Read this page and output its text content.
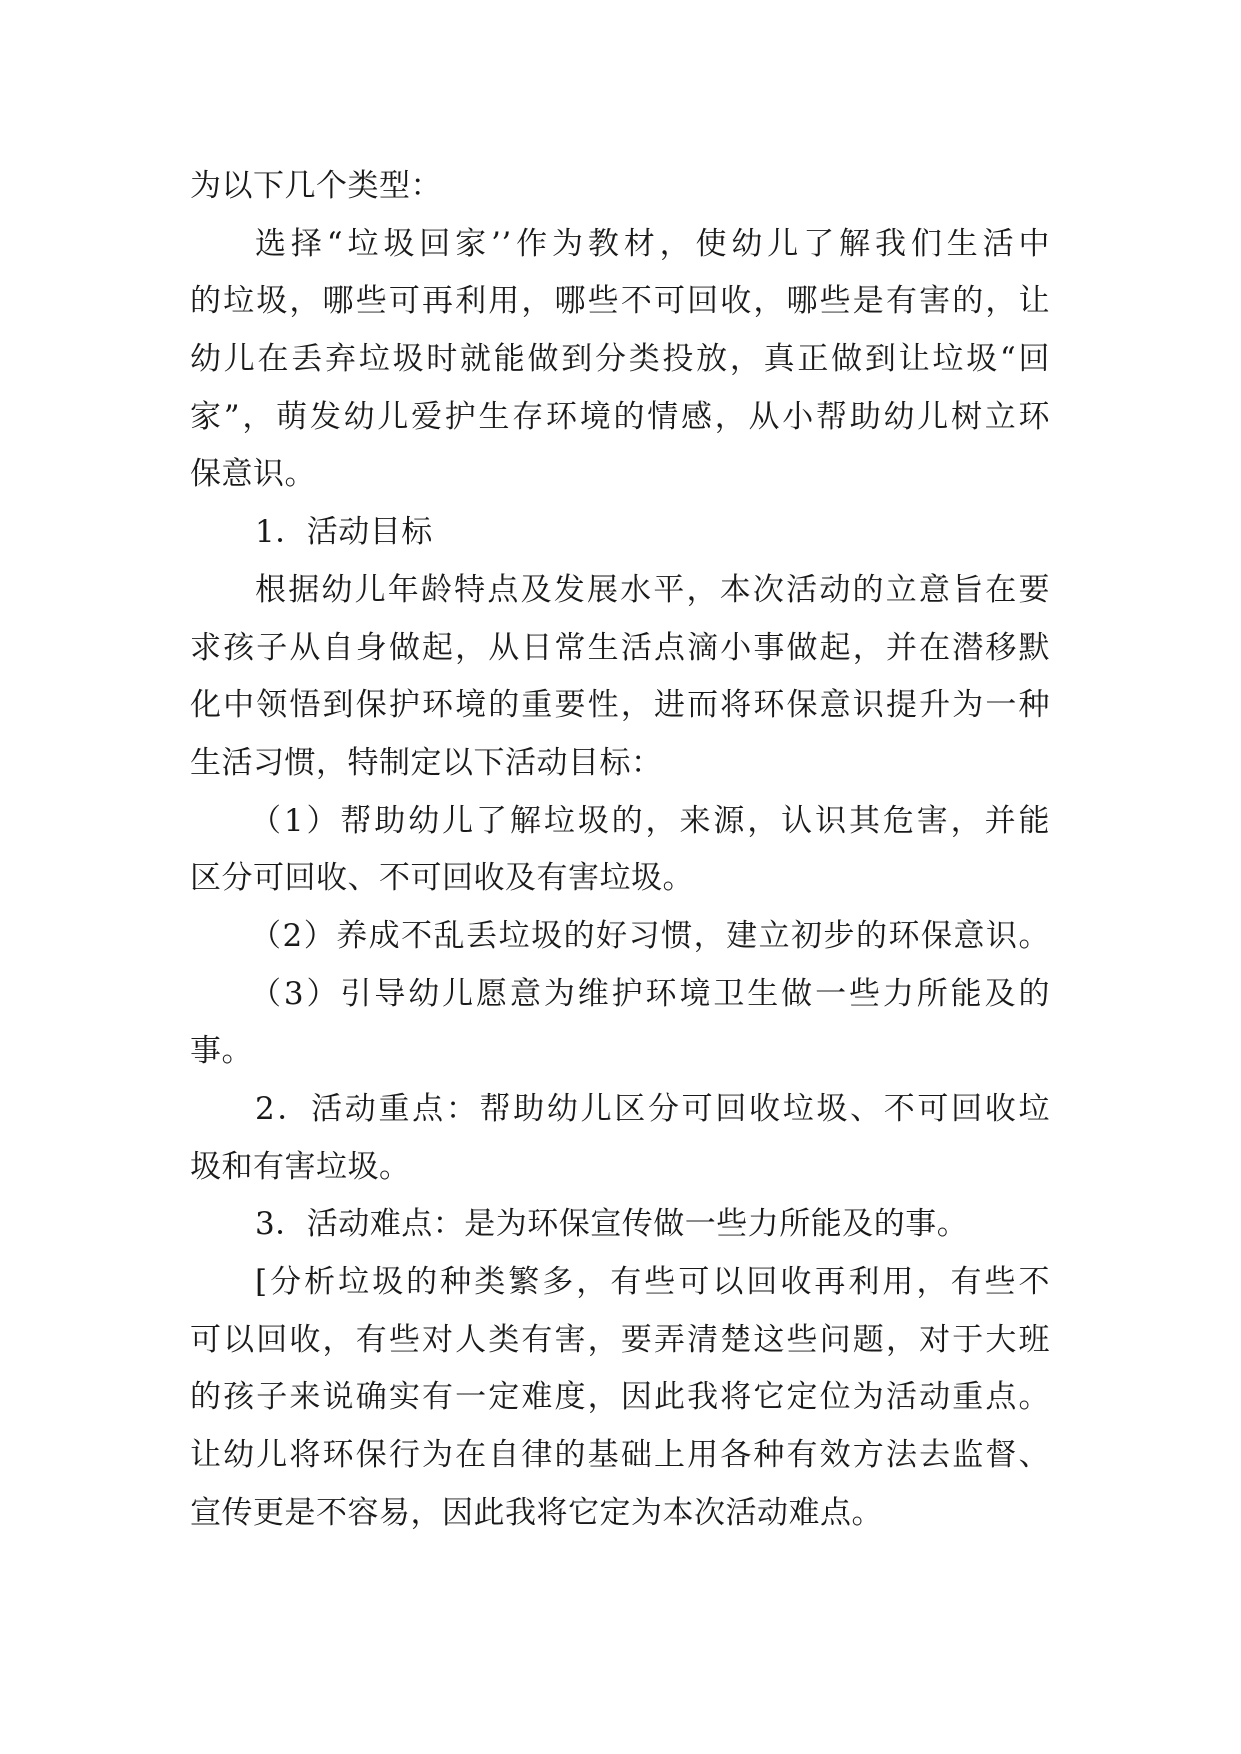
为以下几个类型：
选择“垃圾回家’’作为教材，使幼儿了解我们生活中
的垃圾，哪些可再利用，哪些不可回收，哪些是有害的，让
幼儿在丢弃垃圾时就能做到分类投放，真正做到让垃圾“回
家”，萌发幼儿爱护生存环境的情感，从小帮助幼儿树立环
保意识。
1．活动目标
根据幼儿年龄特点及发展水平，本次活动的立意旨在要
求孩子从自身做起，从日常生活点滴小事做起，并在潜移默
化中领悟到保护环境的重要性，进而将环保意识提升为一种
生活习惯，特制定以下活动目标：
（1）帮助幼儿了解垃圾的，来源，认识其危害，并能
区分可回收、不可回收及有害垃圾。
（2）养成不乱丢垃圾的好习惯，建立初步的环保意识。
（3）引导幼儿愿意为维护环境卫生做一些力所能及的
事。
2．活动重点：帮助幼儿区分可回收垃圾、不可回收垃
圾和有害垃圾。
3．活动难点：是为环保宣传做一些力所能及的事。
[分析垃圾的种类繁多，有些可以回收再利用，有些不
可以回收，有些对人类有害，要弄清楚这些问题，对于大班
的孩子来说确实有一定难度，因此我将它定位为活动重点。
让幼儿将环保行为在自律的基础上用各种有效方法去监督、
宣传更是不容易，因此我将它定为本次活动难点。
